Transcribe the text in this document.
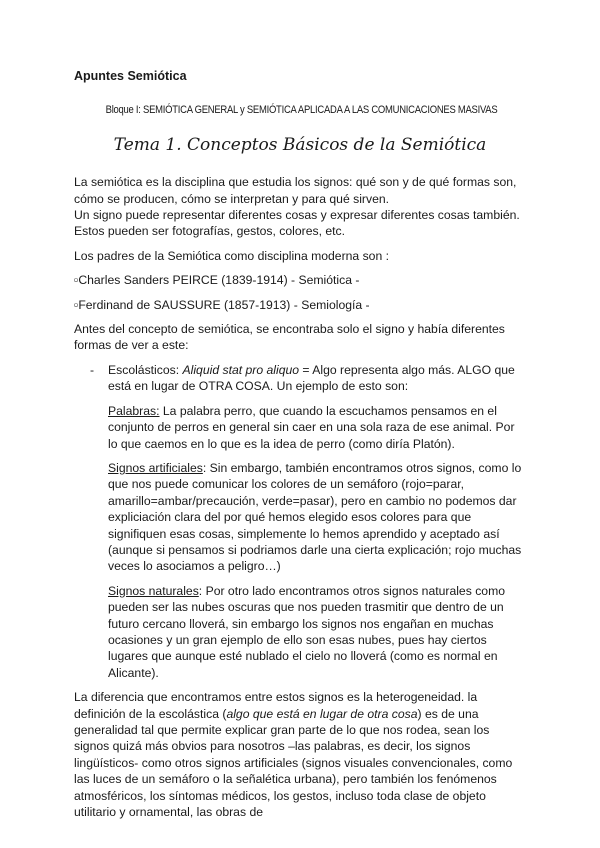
Apuntes Semiótica
Bloque I: SEMIÓTICA GENERAL y SEMIÓTICA APLICADA A LAS COMUNICACIONES MASIVAS
Tema 1. Conceptos Básicos de la Semiótica

La semiótica es la disciplina que estudia los signos: qué son y de qué formas son, cómo se producen, cómo se interpretan y para qué sirven.
Un signo puede representar diferentes cosas y expresar diferentes cosas también. Estos pueden ser fotografías, gestos, colores, etc.

Los padres de la Semiótica como disciplina moderna son :

▫Charles Sanders PEIRCE (1839-1914) - Semiótica -

▫Ferdinand de SAUSSURE (1857-1913) - Semiología -

Antes del concepto de semiótica, se encontraba solo el signo y había diferentes formas de ver a este:

- Escolásticos: Aliquid stat pro aliquo = Algo representa algo más. ALGO que está en lugar de OTRA COSA. Un ejemplo de esto son:

Palabras: La palabra perro, que cuando la escuchamos pensamos en el conjunto de perros en general sin caer en una sola raza de ese animal. Por lo que caemos en lo que es la idea de perro (como diría Platón).

Signos artificiales: Sin embargo, también encontramos otros signos, como lo que nos puede comunicar los colores de un semáforo (rojo=parar, amarillo=ambar/precaución, verde=pasar), pero en cambio no podemos dar expliciación clara del por qué hemos elegido esos colores para que signifiquen esas cosas, simplemente lo hemos aprendido y aceptado así (aunque si pensamos si podriamos darle una cierta explicación; rojo muchas veces lo asociamos a peligro…)

Signos naturales: Por otro lado encontramos otros signos naturales como pueden ser las nubes oscuras que nos pueden trasmitir que dentro de un futuro cercano lloverá, sin embargo los signos nos engañan en muchas ocasiones y un gran ejemplo de ello son esas nubes, pues hay ciertos lugares que aunque esté nublado el cielo no lloverá (como es normal en Alicante).

La diferencia que encontramos entre estos signos es la heterogeneidad. la definición de la escolástica (algo que está en lugar de otra cosa) es de una generalidad tal que permite explicar gran parte de lo que nos rodea, sean los signos quizá más obvios para nosotros –las palabras, es decir, los signos lingüísticos- como otros signos artificiales (signos visuales convencionales, como las luces de un semáforo o la señalética urbana), pero también los fenómenos atmosféricos, los síntomas médicos, los gestos, incluso toda clase de objeto utilitario y ornamental, las obras de
